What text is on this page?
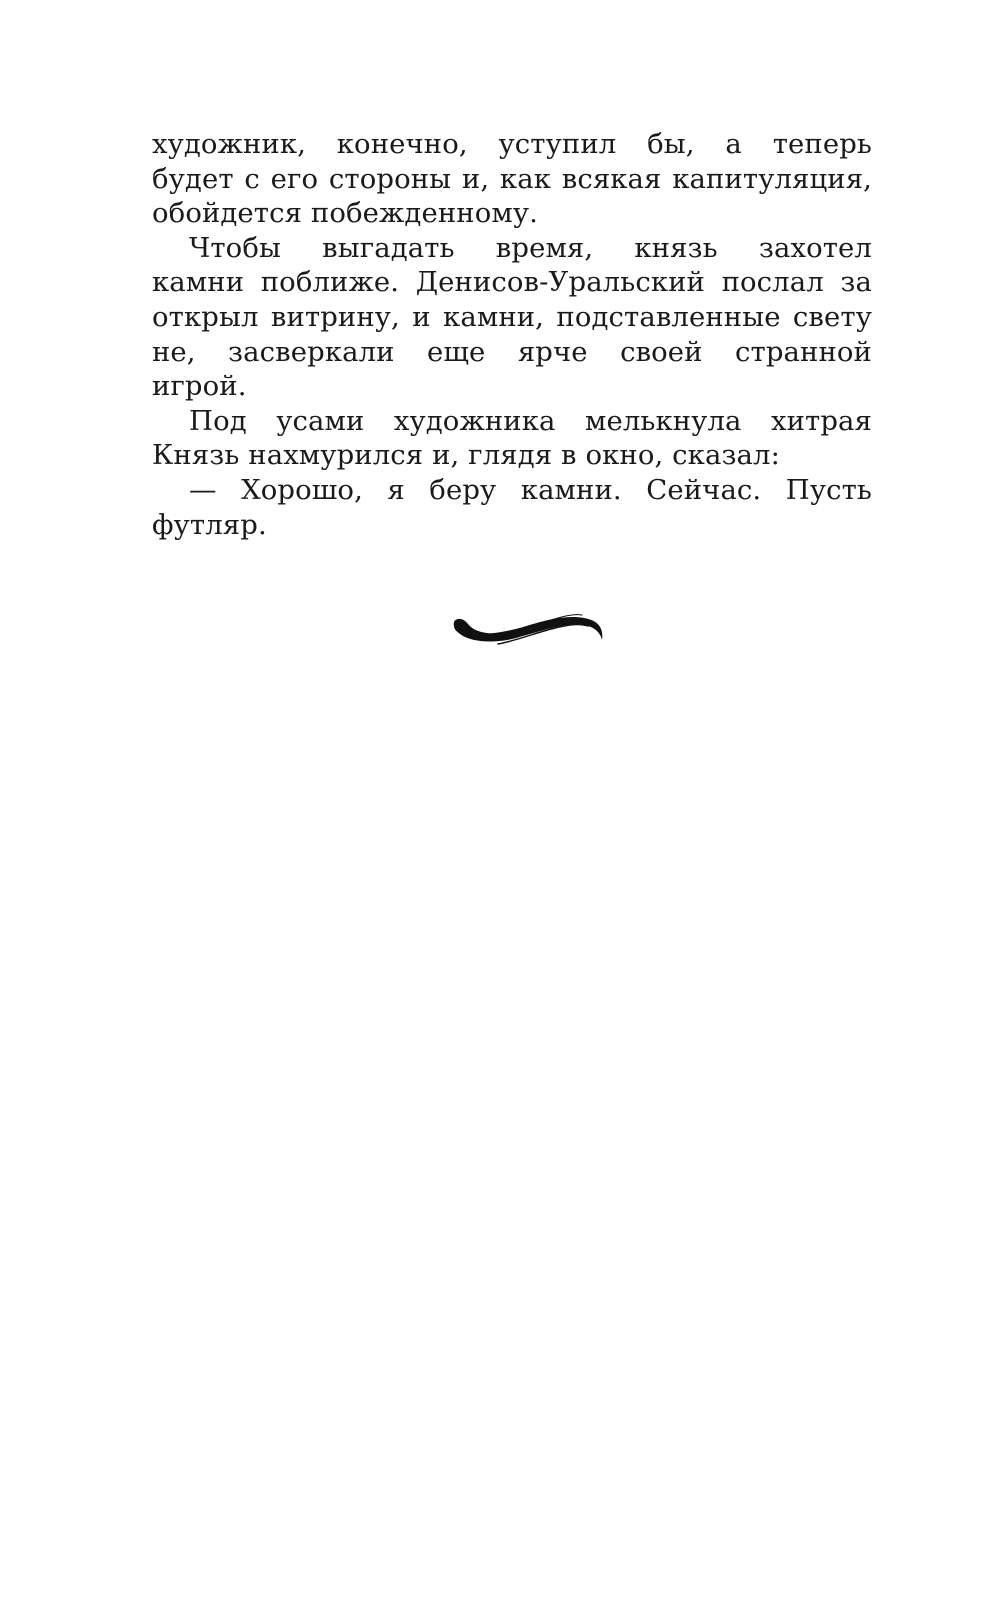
художник, конечно, уступил бы, а теперь
будет с его стороны и, как всякая капитуляция,
обойдется побежденному.
Чтобы выгадать время, князь захотел
камни поближе. Денисов-Уральский послал за
открыл витрину, и камни, подставленные свету
не, засверкали еще ярче своей странной
игрой.
Под усами художника мелькнула хитрая
Князь нахмурился и, глядя в окно, сказал:
— Хорошо, я беру камни. Сейчас. Пусть
футляр.
